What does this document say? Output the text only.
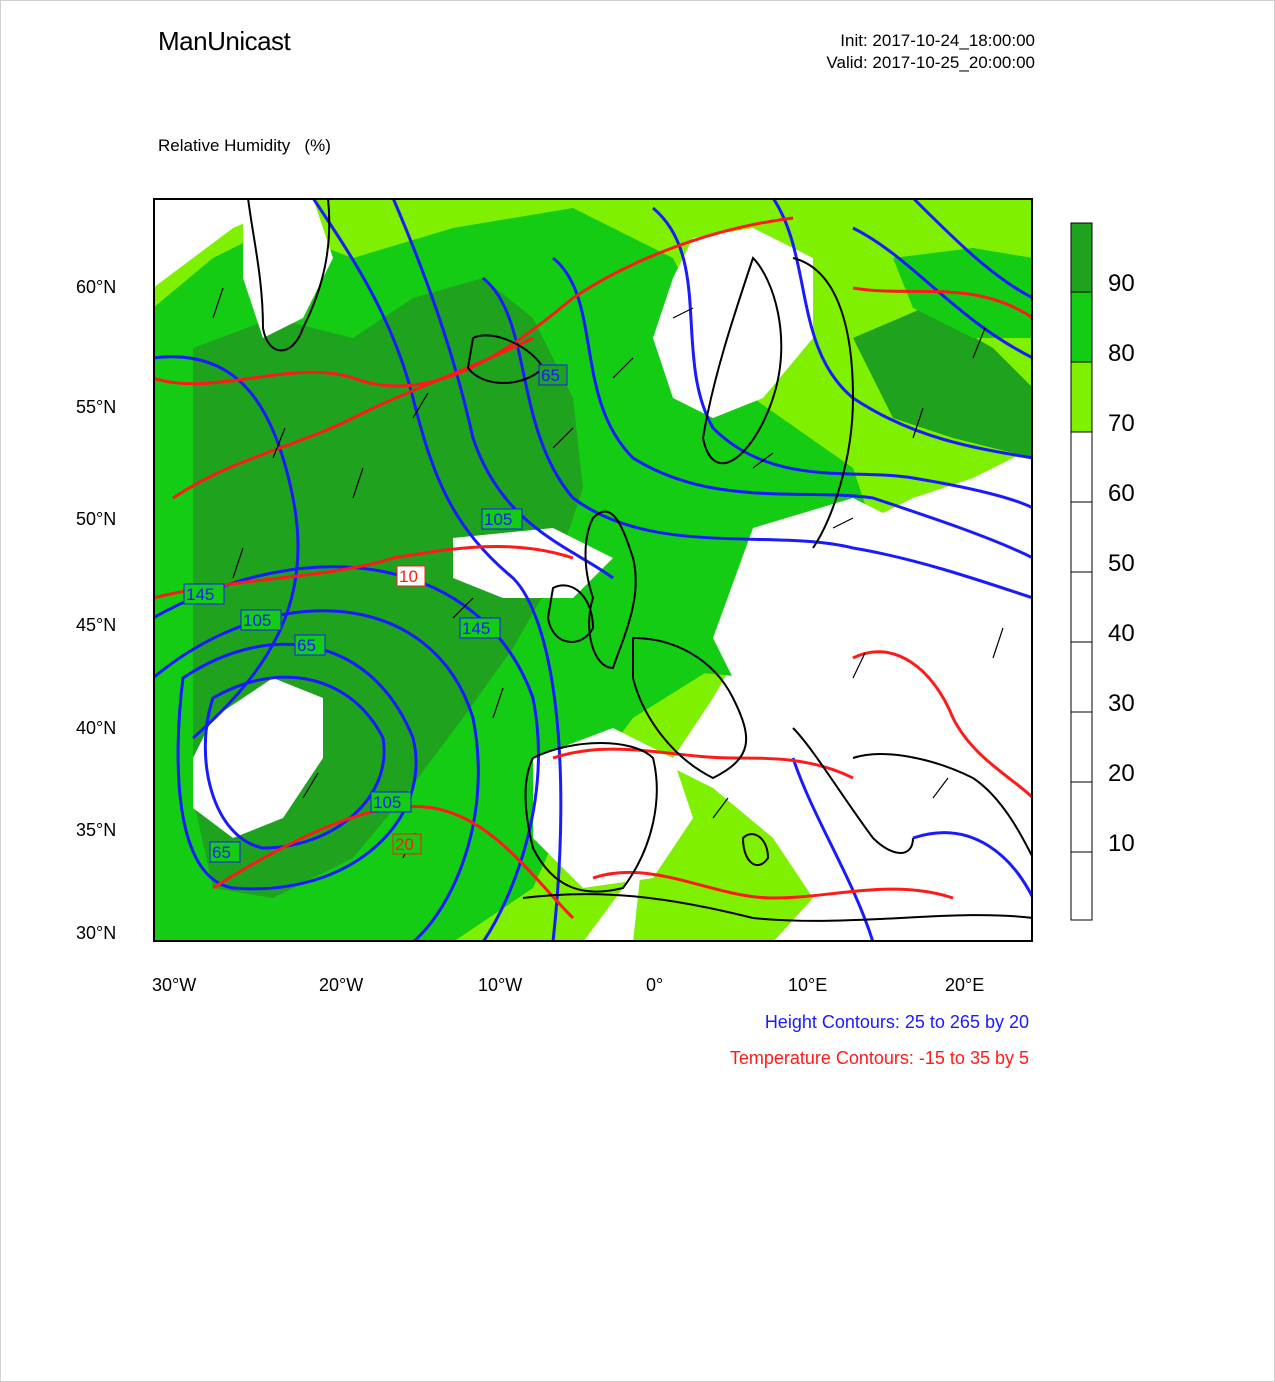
ManUnicast	Init: 2017-10-24_18:00:00
Valid: 2017-10-25_20:00:00

Relative Humidity   (%)

65
105
145
105
65
145
105
65
10
20
60°N
55°N
50°N
45°N
40°N
35°N
30°N
30°W	20°W	10°W	0°	10°E	20°E
90
80
70
60
50
40
30
20
10
Height Contours: 25 to 265 by 20
Temperature Contours: -15 to 35 by 5
